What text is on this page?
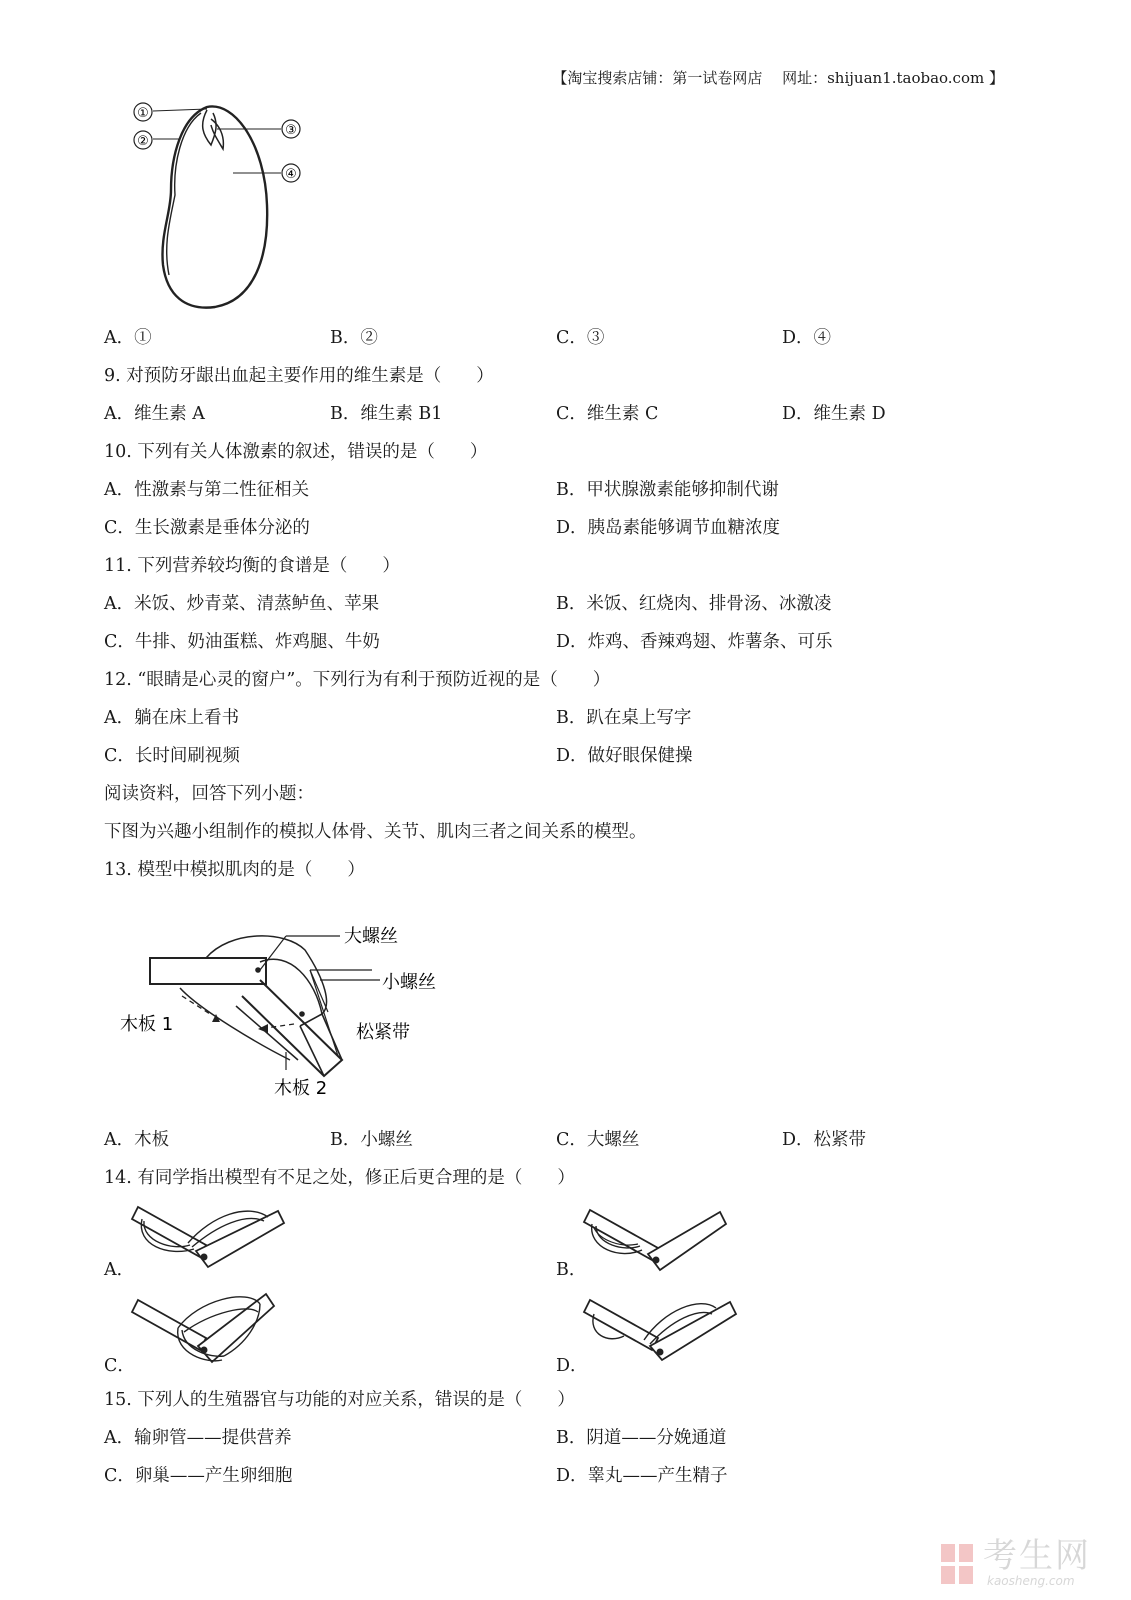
【淘宝搜索店铺：第一试卷网店　 网址：shijuan1.taobao.com 】
①
②
③
④
A．①	B．②	C．③	D．④
9. 对预防牙龈出血起主要作用的维生素是（　　）
A．维生素 A	B．维生素 B1	C．维生素 C	D．维生素 D
10. 下列有关人体激素的叙述，错误的是（　　）
A．性激素与第二性征相关	B．甲状腺激素能够抑制代谢
C．生长激素是垂体分泌的	D．胰岛素能够调节血糖浓度
11. 下列营养较均衡的食谱是（　　）
A．米饭、炒青菜、清蒸鲈鱼、苹果	B．米饭、红烧肉、排骨汤、冰激凌
C．牛排、奶油蛋糕、炸鸡腿、牛奶	D．炸鸡、香辣鸡翅、炸薯条、可乐
12. “眼睛是心灵的窗户”。下列行为有利于预防近视的是（　　）
A．躺在床上看书	B．趴在桌上写字
C．长时间刷视频	D．做好眼保健操
阅读资料，回答下列小题：
下图为兴趣小组制作的模拟人体骨、关节、肌肉三者之间关系的模型。
13. 模型中模拟肌肉的是（　　）
大螺丝
小螺丝
松紧带
木板 1
木板 2
A．木板	B．小螺丝	C．大螺丝	D．松紧带
14. 有同学指出模型有不足之处，修正后更合理的是（　　）
A．	B．
C．	D．
15. 下列人的生殖器官与功能的对应关系，错误的是（　　）
A．输卵管——提供营养	B．阴道——分娩通道
C．卵巢——产生卵细胞	D．睾丸——产生精子
考生网
kaosheng.com
